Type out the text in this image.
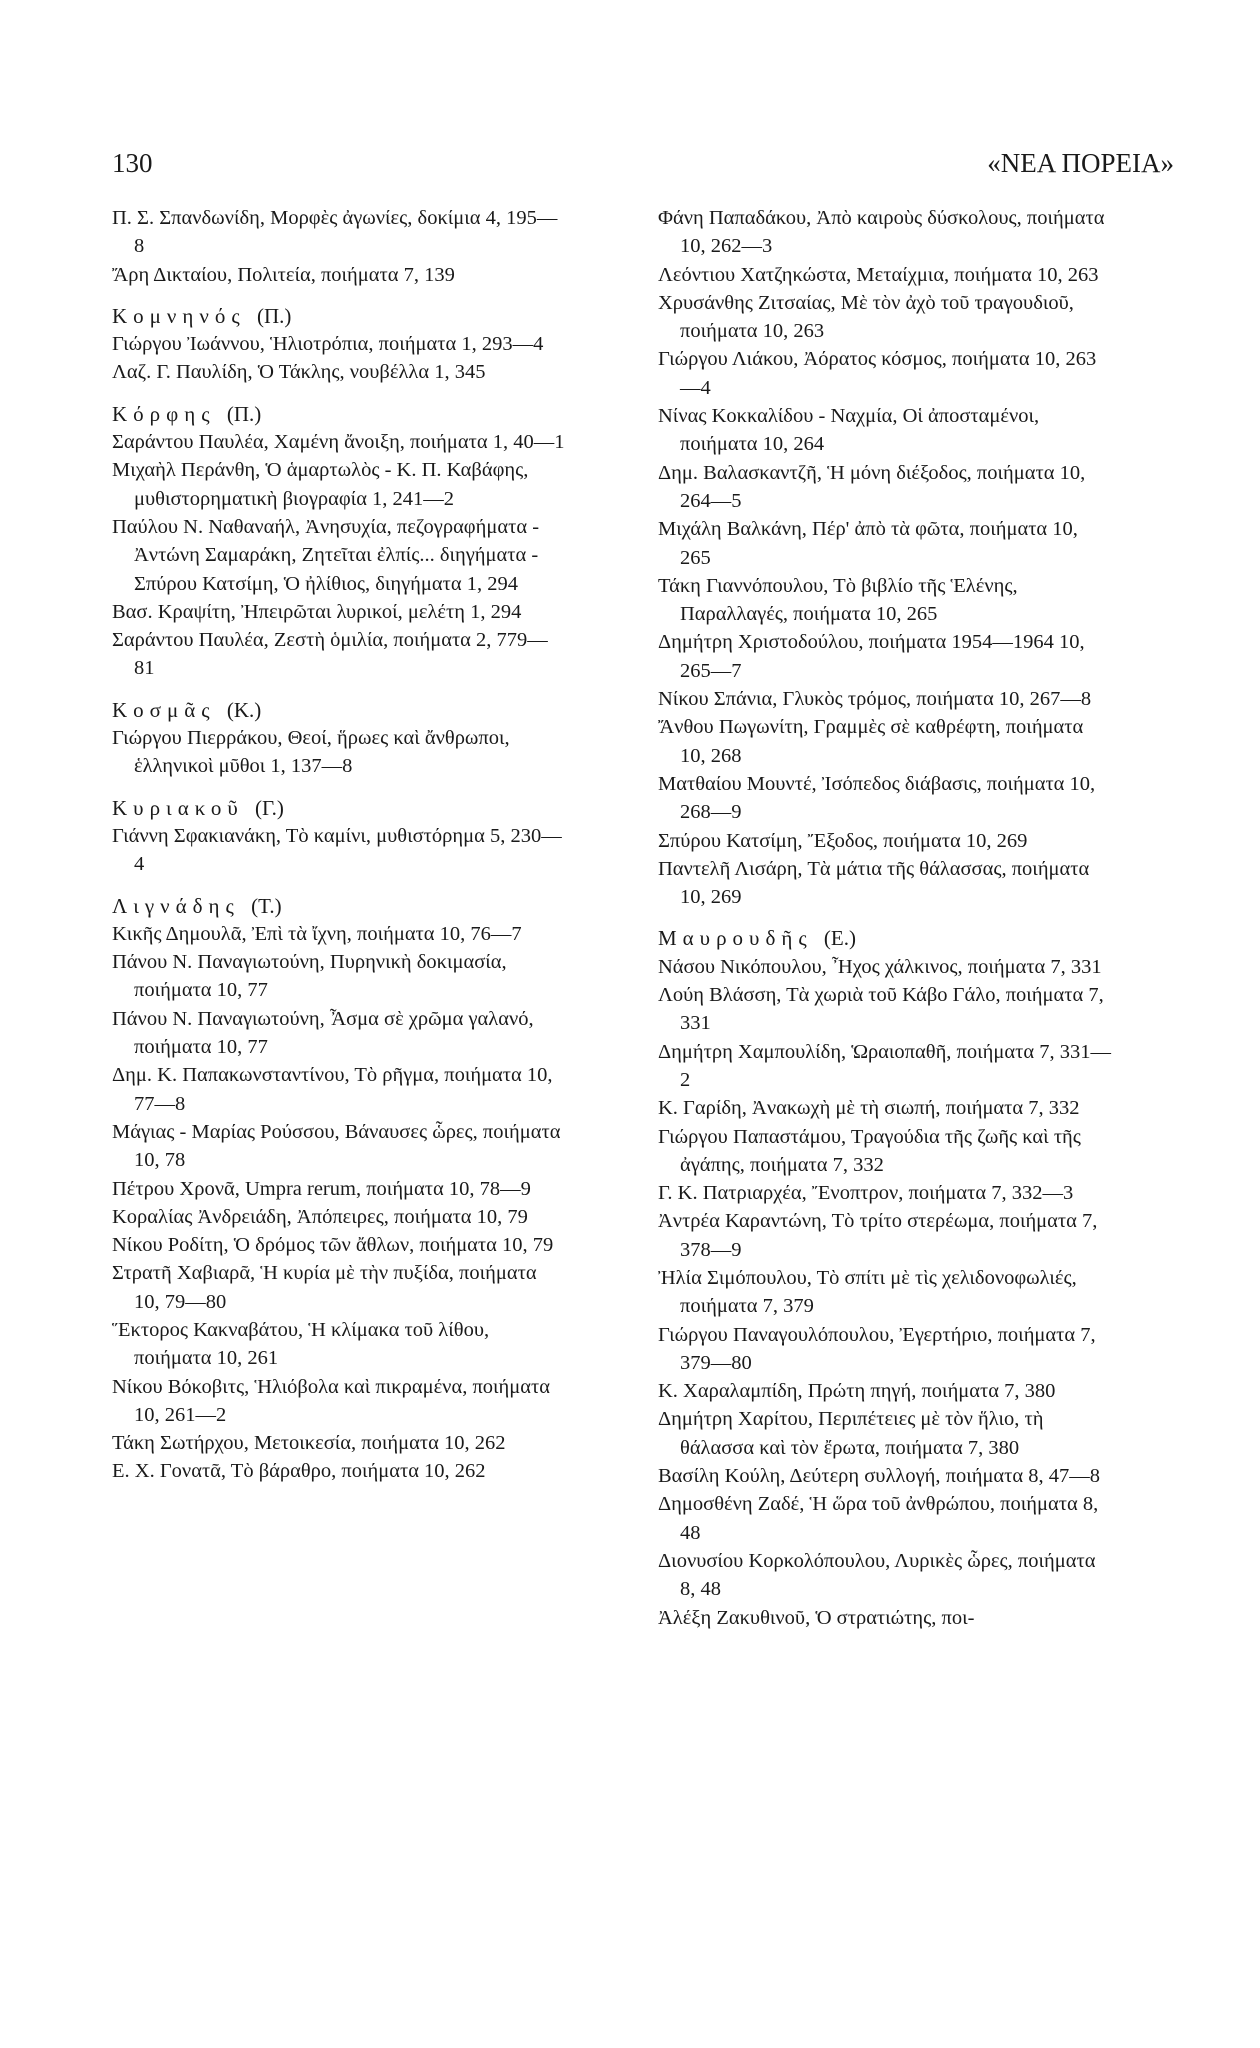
130	«ΝΕΑ ΠΟΡΕΙΑ»
Π. Σ. Σπανδωνίδη, Μορφὲς ἀγωνίες, δοκίμια 4, 195—8
Ἄρη Δικταίου, Πολιτεία, ποιήματα 7, 139
Κομνηνός (Π.)
Γιώργου Ἰωάννου, Ἡλιοτρόπια, ποιήματα 1, 293—4
Λαζ. Γ. Παυλίδη, Ὁ Τάκλης, νουβέλλα 1, 345
Κόρφης (Π.)
Σαράντου Παυλέα, Χαμένη ἄνοιξη, ποιήματα 1, 40—1
Μιχαὴλ Περάνθη, Ὁ ἁμαρτωλὸς - Κ. Π. Καβάφης, μυθιστορηματικὴ βιογραφία 1, 241—2
Παύλου Ν. Ναθαναήλ, Ἀνησυχία, πεζογραφήματα - Ἀντώνη Σαμαράκη, Ζητεῖται ἐλπίς... διηγήματα - Σπύρου Κατσίμη, Ὁ ἠλίθιος, διηγήματα 1, 294
Βασ. Κραψίτη, Ἠπειρῶται λυρικοί, μελέτη 1, 294
Σαράντου Παυλέα, Ζεστὴ ὁμιλία, ποιήματα 2, 779—81
Κοσμᾶς (Κ.)
Γιώργου Πιερράκου, Θεοί, ἥρωες καὶ ἄνθρωποι, ἑλληνικοὶ μῦθοι 1, 137—8
Κυριακοῦ (Γ.)
Γιάννη Σφακιανάκη, Τὸ καμίνι, μυθιστόρημα 5, 230—4
Λιγνάδης (Τ.)
Κικῆς Δημουλᾶ, Ἐπὶ τὰ ἴχνη, ποιήματα 10, 76—7
Πάνου Ν. Παναγιωτούνη, Πυρηνικὴ δοκιμασία, ποιήματα 10, 77
Πάνου Ν. Παναγιωτούνη, Ἆσμα σὲ χρῶμα γαλανό, ποιήματα 10, 77
Δημ. Κ. Παπακωνσταντίνου, Τὸ ρῆγμα, ποιήματα 10, 77—8
Μάγιας - Μαρίας Ρούσσου, Βάναυσες ὧρες, ποιήματα 10, 78
Πέτρου Χρονᾶ, Umpra rerum, ποιήματα 10, 78—9
Κοραλίας Ἀνδρειάδη, Ἀπόπειρες, ποιήματα 10, 79
Νίκου Ροδίτη, Ὁ δρόμος τῶν ἄθλων, ποιήματα 10, 79
Στρατῆ Χαβιαρᾶ, Ἡ κυρία μὲ τὴν πυξίδα, ποιήματα 10, 79—80
Ἕκτορος Κακναβάτου, Ἡ κλίμακα τοῦ λίθου, ποιήματα 10, 261
Νίκου Βόκοβιτς, Ἡλιόβολα καὶ πικραμένα, ποιήματα 10, 261—2
Τάκη Σωτήρχου, Μετοικεσία, ποιήματα 10, 262
Ε. Χ. Γονατᾶ, Τὸ βάραθρο, ποιήματα 10, 262
Φάνη Παπαδάκου, Ἀπὸ καιροὺς δύσκολους, ποιήματα 10, 262—3
Λεόντιου Χατζηκώστα, Μεταίχμια, ποιήματα 10, 263
Χρυσάνθης Ζιτσαίας, Μὲ τὸν ἀχὸ τοῦ τραγουδιοῦ, ποιήματα 10, 263
Γιώργου Λιάκου, Ἀόρατος κόσμος, ποιήματα 10, 263—4
Νίνας Κοκκαλίδου - Ναχμία, Οἱ ἀποσταμένοι, ποιήματα 10, 264
Δημ. Βαλασκαντζῆ, Ἡ μόνη διέξοδος, ποιήματα 10, 264—5
Μιχάλη Βαλκάνη, Πέρ' ἀπὸ τὰ φῶτα, ποιήματα 10, 265
Τάκη Γιαννόπουλου, Τὸ βιβλίο τῆς Ἑλένης, Παραλλαγές, ποιήματα 10, 265
Δημήτρη Χριστοδούλου, ποιήματα 1954—1964 10, 265—7
Νίκου Σπάνια, Γλυκὸς τρόμος, ποιήματα 10, 267—8
Ἄνθου Πωγωνίτη, Γραμμὲς σὲ καθρέφτη, ποιήματα 10, 268
Ματθαίου Μουντέ, Ἰσόπεδος διάβασις, ποιήματα 10, 268—9
Σπύρου Κατσίμη, Ἔξοδος, ποιήματα 10, 269
Παντελῆ Λισάρη, Τὰ μάτια τῆς θάλασσας, ποιήματα 10, 269
Μαυρουδῆς (Ε.)
Νάσου Νικόπουλου, Ἦχος χάλκινος, ποιήματα 7, 331
Λούη Βλάσση, Τὰ χωριὰ τοῦ Κάβο Γάλο, ποιήματα 7, 331
Δημήτρη Χαμπουλίδη, Ὡραιοπαθῆ, ποιήματα 7, 331—2
Κ. Γαρίδη, Ἀνακωχὴ μὲ τὴ σιωπή, ποιήματα 7, 332
Γιώργου Παπαστάμου, Τραγούδια τῆς ζωῆς καὶ τῆς ἀγάπης, ποιήματα 7, 332
Γ. Κ. Πατριαρχέα, Ἔνοπτρον, ποιήματα 7, 332—3
Ἀντρέα Καραντώνη, Τὸ τρίτο στερέωμα, ποιήματα 7, 378—9
Ἠλία Σιμόπουλου, Τὸ σπίτι μὲ τὶς χελιδονοφωλιές, ποιήματα 7, 379
Γιώργου Παναγουλόπουλου, Ἐγερτήριο, ποιήματα 7, 379—80
Κ. Χαραλαμπίδη, Πρώτη πηγή, ποιήματα 7, 380
Δημήτρη Χαρίτου, Περιπέτειες μὲ τὸν ἥλιο, τὴ θάλασσα καὶ τὸν ἔρωτα, ποιήματα 7, 380
Βασίλη Κούλη, Δεύτερη συλλογή, ποιήματα 8, 47—8
Δημοσθένη Ζαδέ, Ἡ ὥρα τοῦ ἀνθρώπου, ποιήματα 8, 48
Διονυσίου Κορκολόπουλου, Λυρικὲς ὧρες, ποιήματα 8, 48
Ἀλέξη Ζακυθινοῦ, Ὁ στρατιώτης, ποι-
